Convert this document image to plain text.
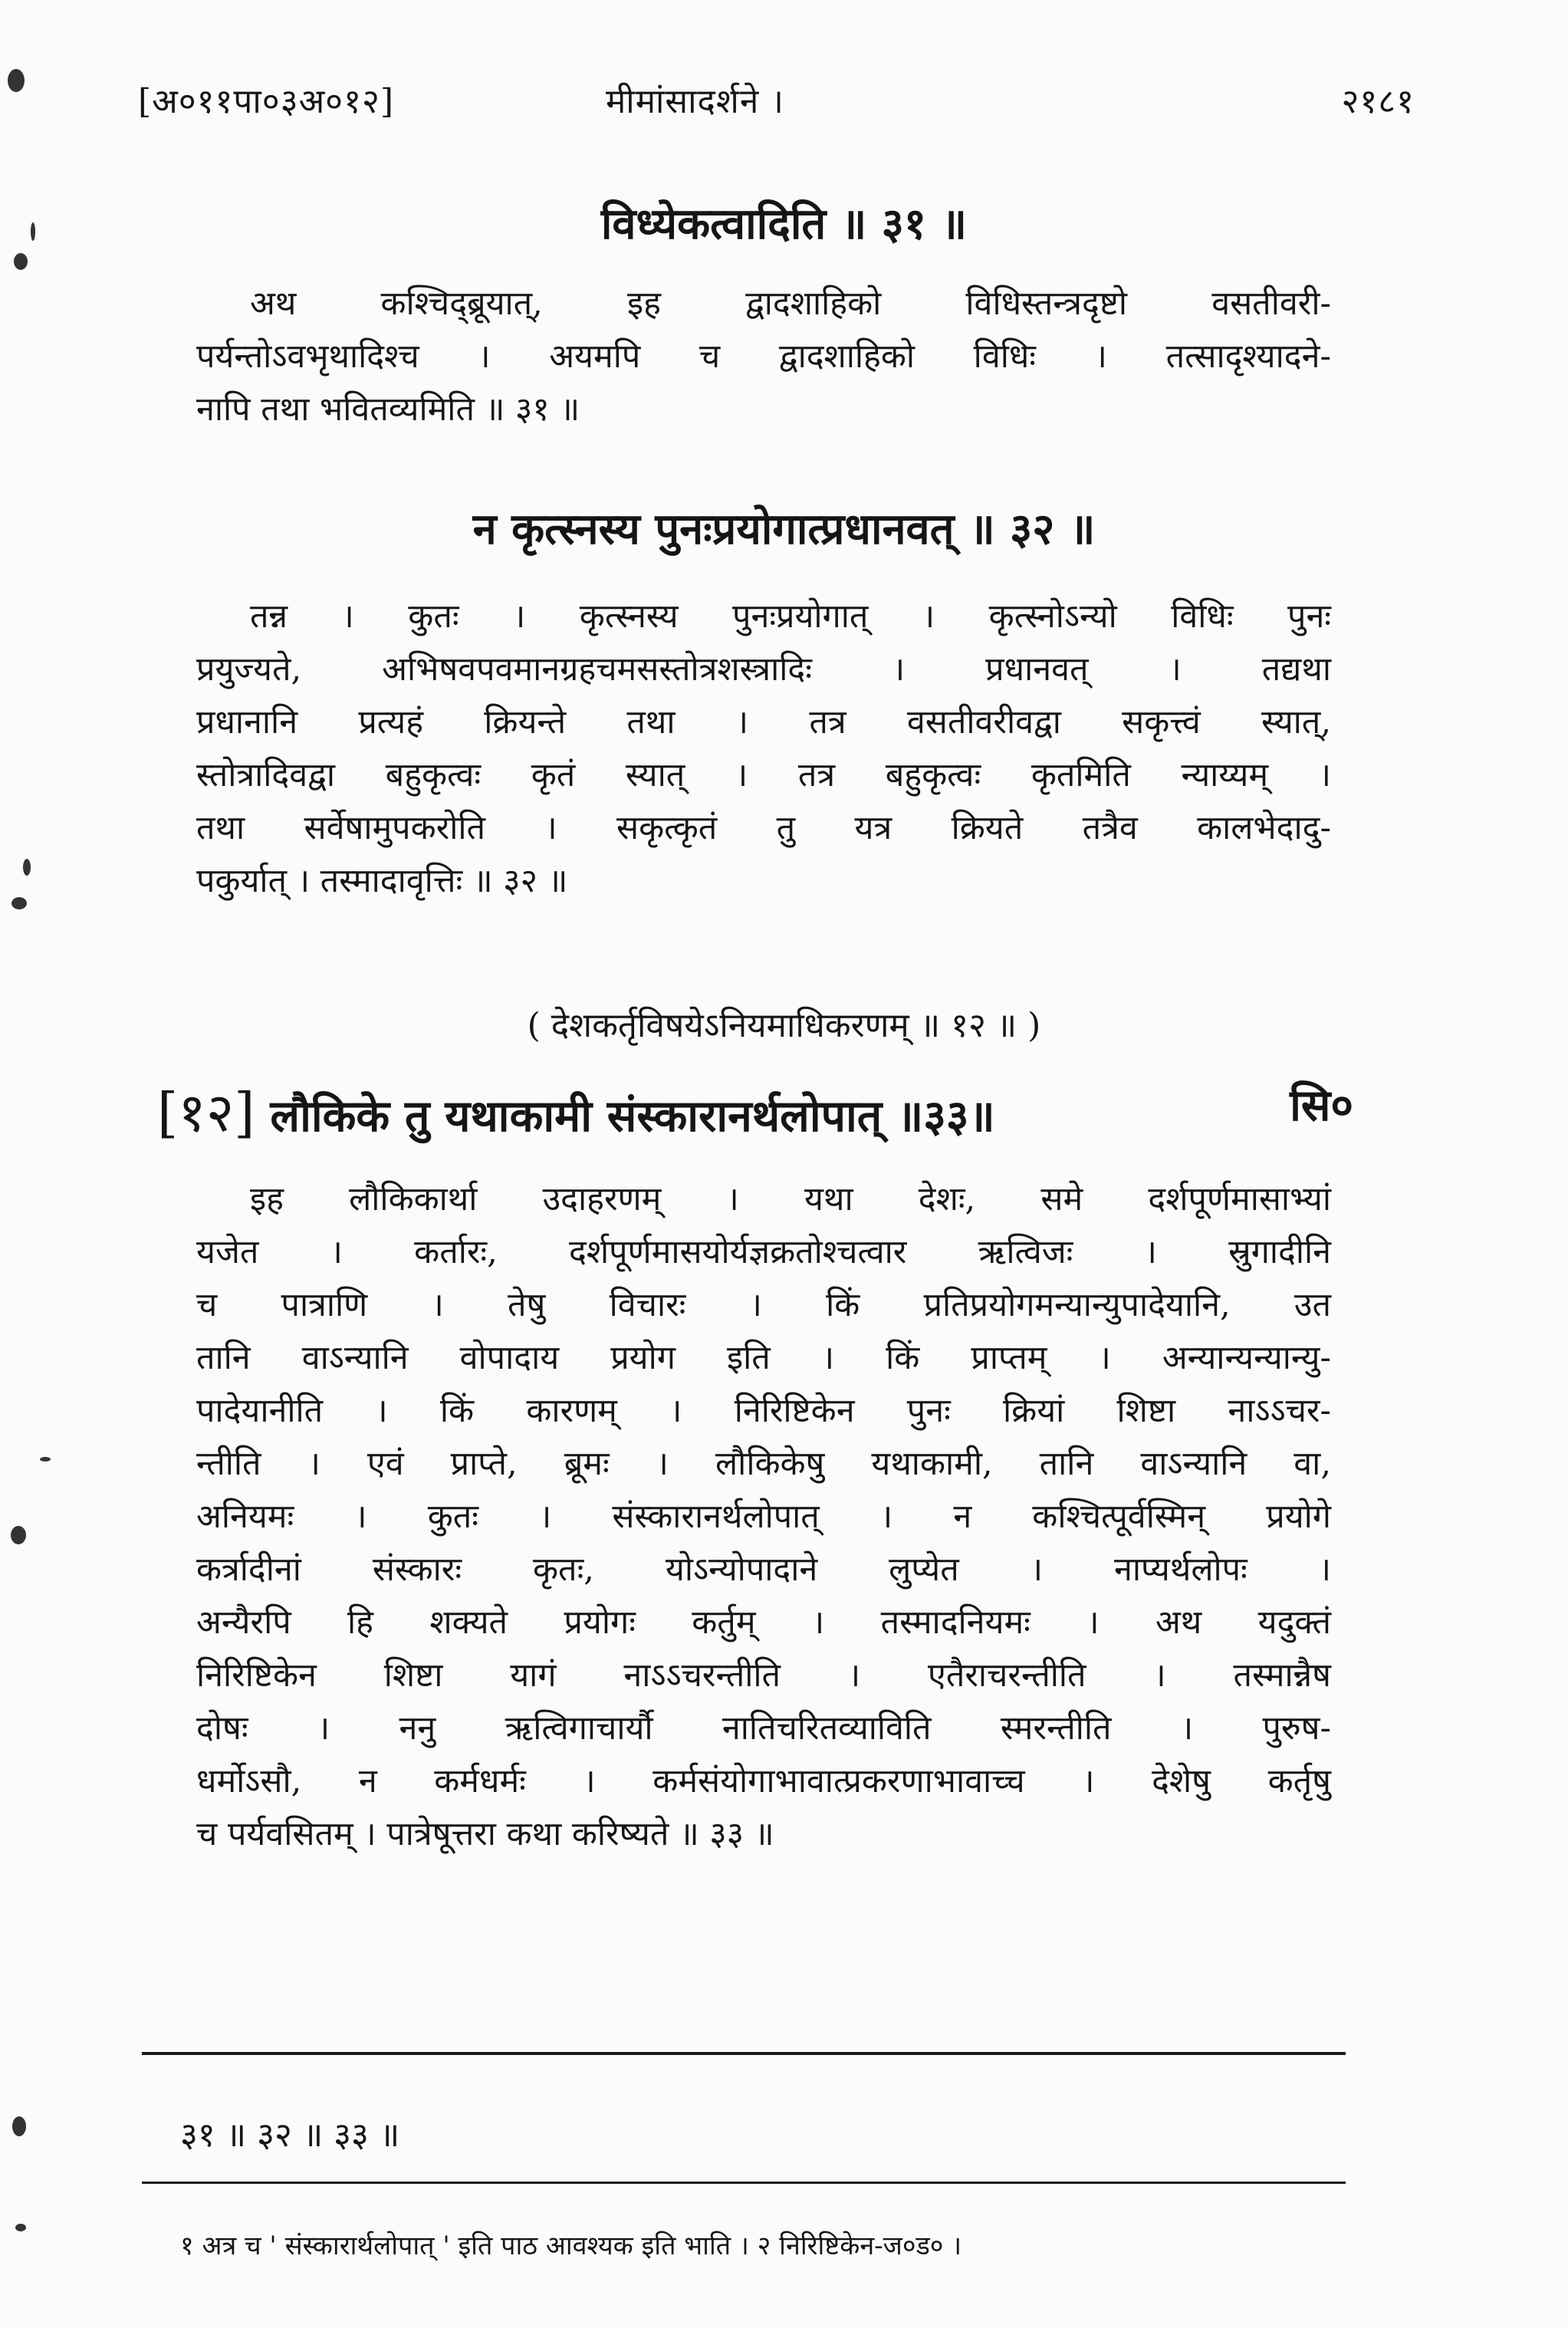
[अ०११पा०३अ०१२]	मीमांसादर्शने ।	२१८१
विध्येकत्वादिति ॥ ३१ ॥
अथ कश्चिद्ब्रूयात्, इह द्वादशाहिको विधिस्तन्त्रदृष्टो वसतीवरी-
पर्यन्तोऽवभृथादिश्च । अयमपि च द्वादशाहिको विधिः । तत्सादृश्यादने-
नापि तथा भवितव्यमिति ॥ ३१ ॥
न कृत्स्नस्य पुनःप्रयोगात्प्रधानवत् ॥ ३२ ॥
तन्न । कुतः । कृत्स्नस्य पुनःप्रयोगात् । कृत्स्नोऽन्यो विधिः पुनः
प्रयुज्यते, अभिषवपवमानग्रहचमसस्तोत्रशस्त्रादिः । प्रधानवत् । तद्यथा
प्रधानानि प्रत्यहं क्रियन्ते तथा । तत्र वसतीवरीवद्वा सकृत्त्वं स्यात्,
स्तोत्रादिवद्वा बहुकृत्वः कृतं स्यात् । तत्र बहुकृत्वः कृतमिति न्याय्यम् ।
तथा सर्वेषामुपकरोति । सकृत्कृतं तु यत्र क्रियते तत्रैव कालभेदादु-
पकुर्यात् । तस्मादावृत्तिः ॥ ३२ ॥
( देशकर्तृविषयेऽनियमाधिकरणम् ॥ १२ ॥ )
[१२] लौकिके तु यथाकामी संस्कारानर्थलोपात् ॥३३॥	सि०
इह लौकिकार्था उदाहरणम् । यथा देशः, समे दर्शपूर्णमासाभ्यां
यजेत । कर्तारः, दर्शपूर्णमासयोर्यज्ञक्रतोश्चत्वार ऋत्विजः । स्रुगादीनि
च पात्राणि । तेषु विचारः । किं प्रतिप्रयोगमन्यान्युपादेयानि, उत
तानि वाऽन्यानि वोपादाय प्रयोग इति । किं प्राप्तम् । अन्यान्यन्यान्यु-
पादेयानीति । किं कारणम् । निरिष्टिकेन पुनः क्रियां शिष्टा नाऽऽचर-
न्तीति । एवं प्राप्ते, ब्रूमः । लौकिकेषु यथाकामी, तानि वाऽन्यानि वा,
अनियमः । कुतः । संस्कारानर्थलोपात् । न कश्चित्पूर्वस्मिन् प्रयोगे
कर्त्रादीनां संस्कारः कृतः, योऽन्योपादाने लुप्येत । नाप्यर्थलोपः ।
अन्यैरपि हि शक्यते प्रयोगः कर्तुम् । तस्मादनियमः । अथ यदुक्तं
निरिष्टिकेन शिष्टा यागं नाऽऽचरन्तीति । एतैराचरन्तीति । तस्मान्नैष
दोषः । ननु ऋत्विगाचार्यौ नातिचरितव्याविति स्मरन्तीति । पुरुष-
धर्मोऽसौ, न कर्मधर्मः । कर्मसंयोगाभावात्प्रकरणाभावाच्च । देशेषु कर्तृषु
च पर्यवसितम् । पात्रेषूत्तरा कथा करिष्यते ॥ ३३ ॥
३१ ॥ ३२ ॥ ३३ ॥
१ अत्र च ' संस्कारार्थलोपात् ' इति पाठ आवश्यक इति भाति । २ निरिष्टिकेन-ज०ड० ।
